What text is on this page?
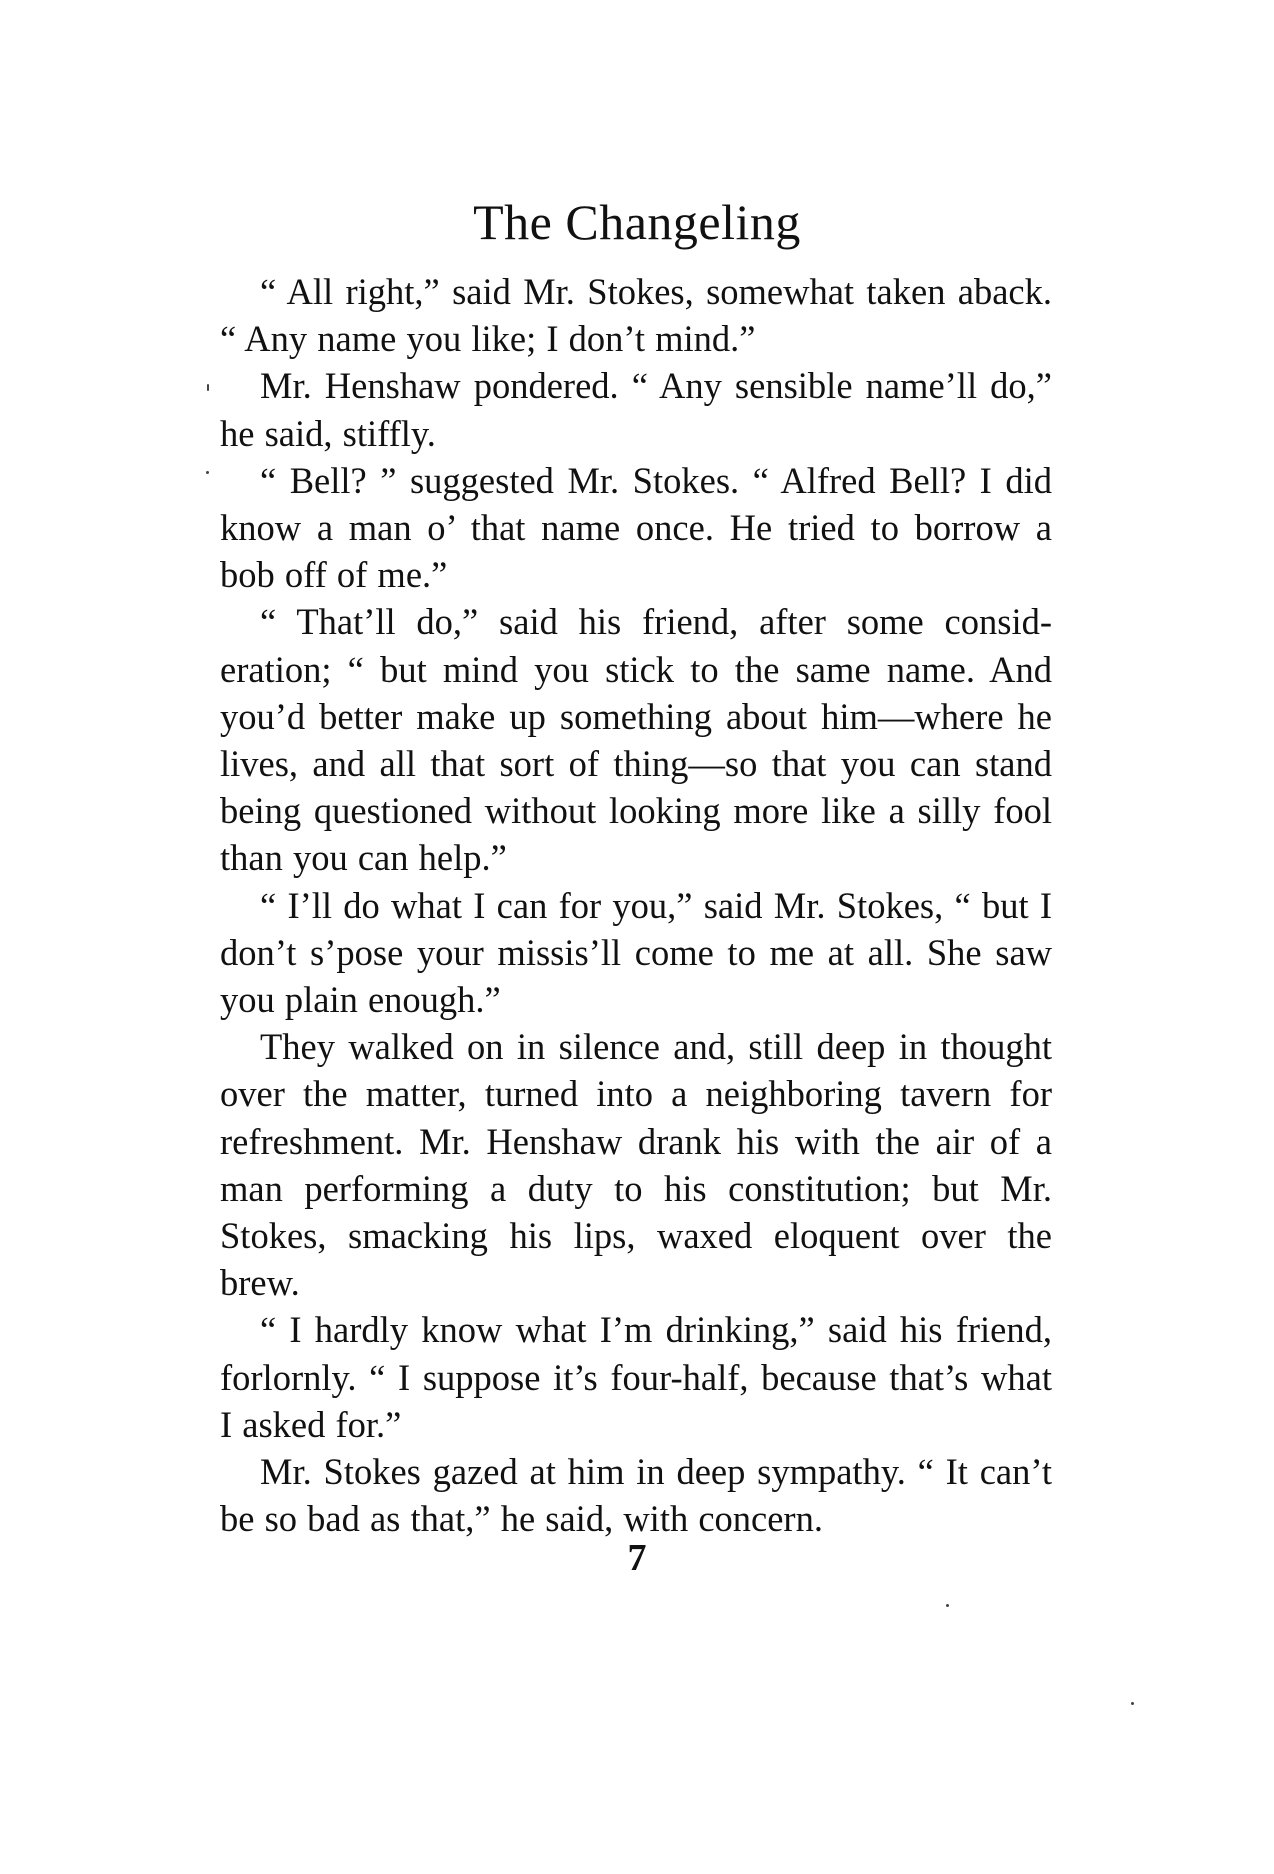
The Changeling

“ All right,” said Mr. Stokes, somewhat taken aback. “ Any name you like; I don’t mind.”

Mr. Henshaw pondered. “ Any sensible name’ll do,” he said, stiffly.

“ Bell? ” suggested Mr. Stokes. “ Alfred Bell? I did know a man o’ that name once. He tried to borrow a bob off of me.”

“ That’ll do,” said his friend, after some consideration; “ but mind you stick to the same name. And you’d better make up something about him—where he lives, and all that sort of thing—so that you can stand being questioned without looking more like a silly fool than you can help.”

“ I’ll do what I can for you,” said Mr. Stokes, “ but I don’t s’pose your missis’ll come to me at all. She saw you plain enough.”

They walked on in silence and, still deep in thought over the matter, turned into a neighboring tavern for refreshment. Mr. Henshaw drank his with the air of a man performing a duty to his constitution; but Mr. Stokes, smacking his lips, waxed eloquent over the brew.

“ I hardly know what I’m drinking,” said his friend, forlornly. “ I suppose it’s four-half, because that’s what I asked for.”

Mr. Stokes gazed at him in deep sympathy. “ It can’t be so bad as that,” he said, with concern.

7
